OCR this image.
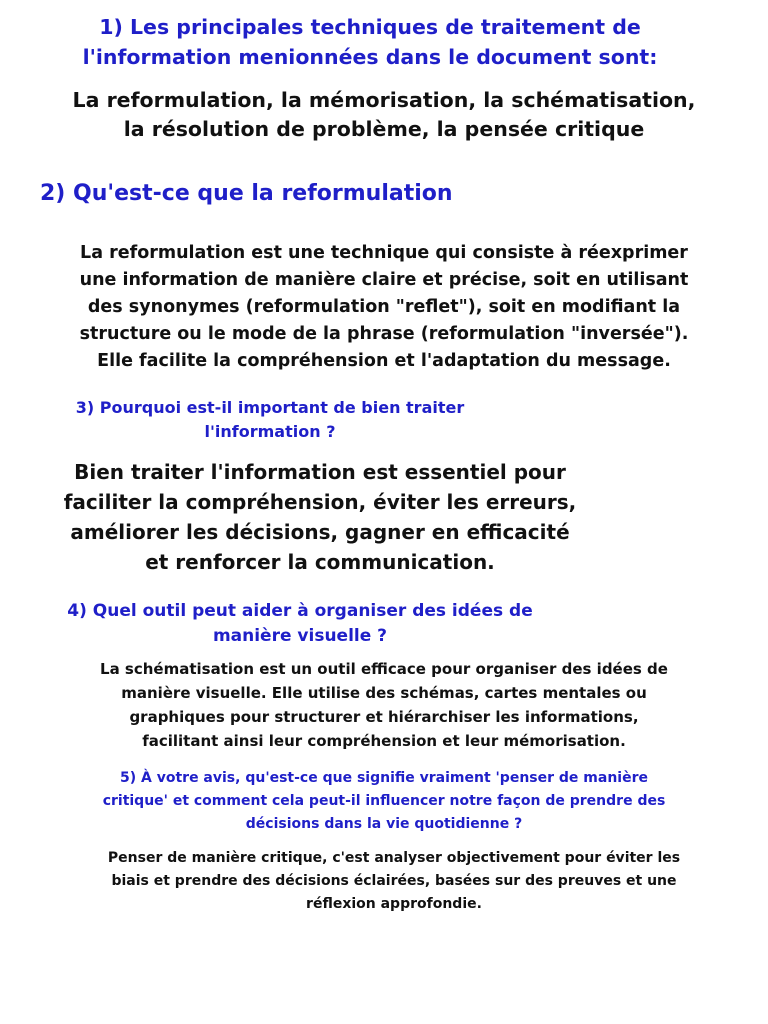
1) Les principales techniques de traitement de
l'information menionnées dans le document sont:
La reformulation, la mémorisation, la schématisation,
la résolution de problème, la pensée critique
2) Qu'est-ce que la reformulation
La reformulation est une technique qui consiste à réexprimer
une information de manière claire et précise, soit en utilisant
des synonymes (reformulation "reflet"), soit en modifiant la
structure ou le mode de la phrase (reformulation "inversée").
Elle facilite la compréhension et l'adaptation du message.
3) Pourquoi est-il important de bien traiter
l'information ?
Bien traiter l'information est essentiel pour
faciliter la compréhension, éviter les erreurs,
améliorer les décisions, gagner en efficacité
et renforcer la communication.
4) Quel outil peut aider à organiser des idées de
manière visuelle ?
La schématisation est un outil efficace pour organiser des idées de
manière visuelle. Elle utilise des schémas, cartes mentales ou
graphiques pour structurer et hiérarchiser les informations,
facilitant ainsi leur compréhension et leur mémorisation.
5) À votre avis, qu'est-ce que signifie vraiment 'penser de manière
critique' et comment cela peut-il influencer notre façon de prendre des
décisions dans la vie quotidienne ?
Penser de manière critique, c'est analyser objectivement pour éviter les
biais et prendre des décisions éclairées, basées sur des preuves et une
réflexion approfondie.
